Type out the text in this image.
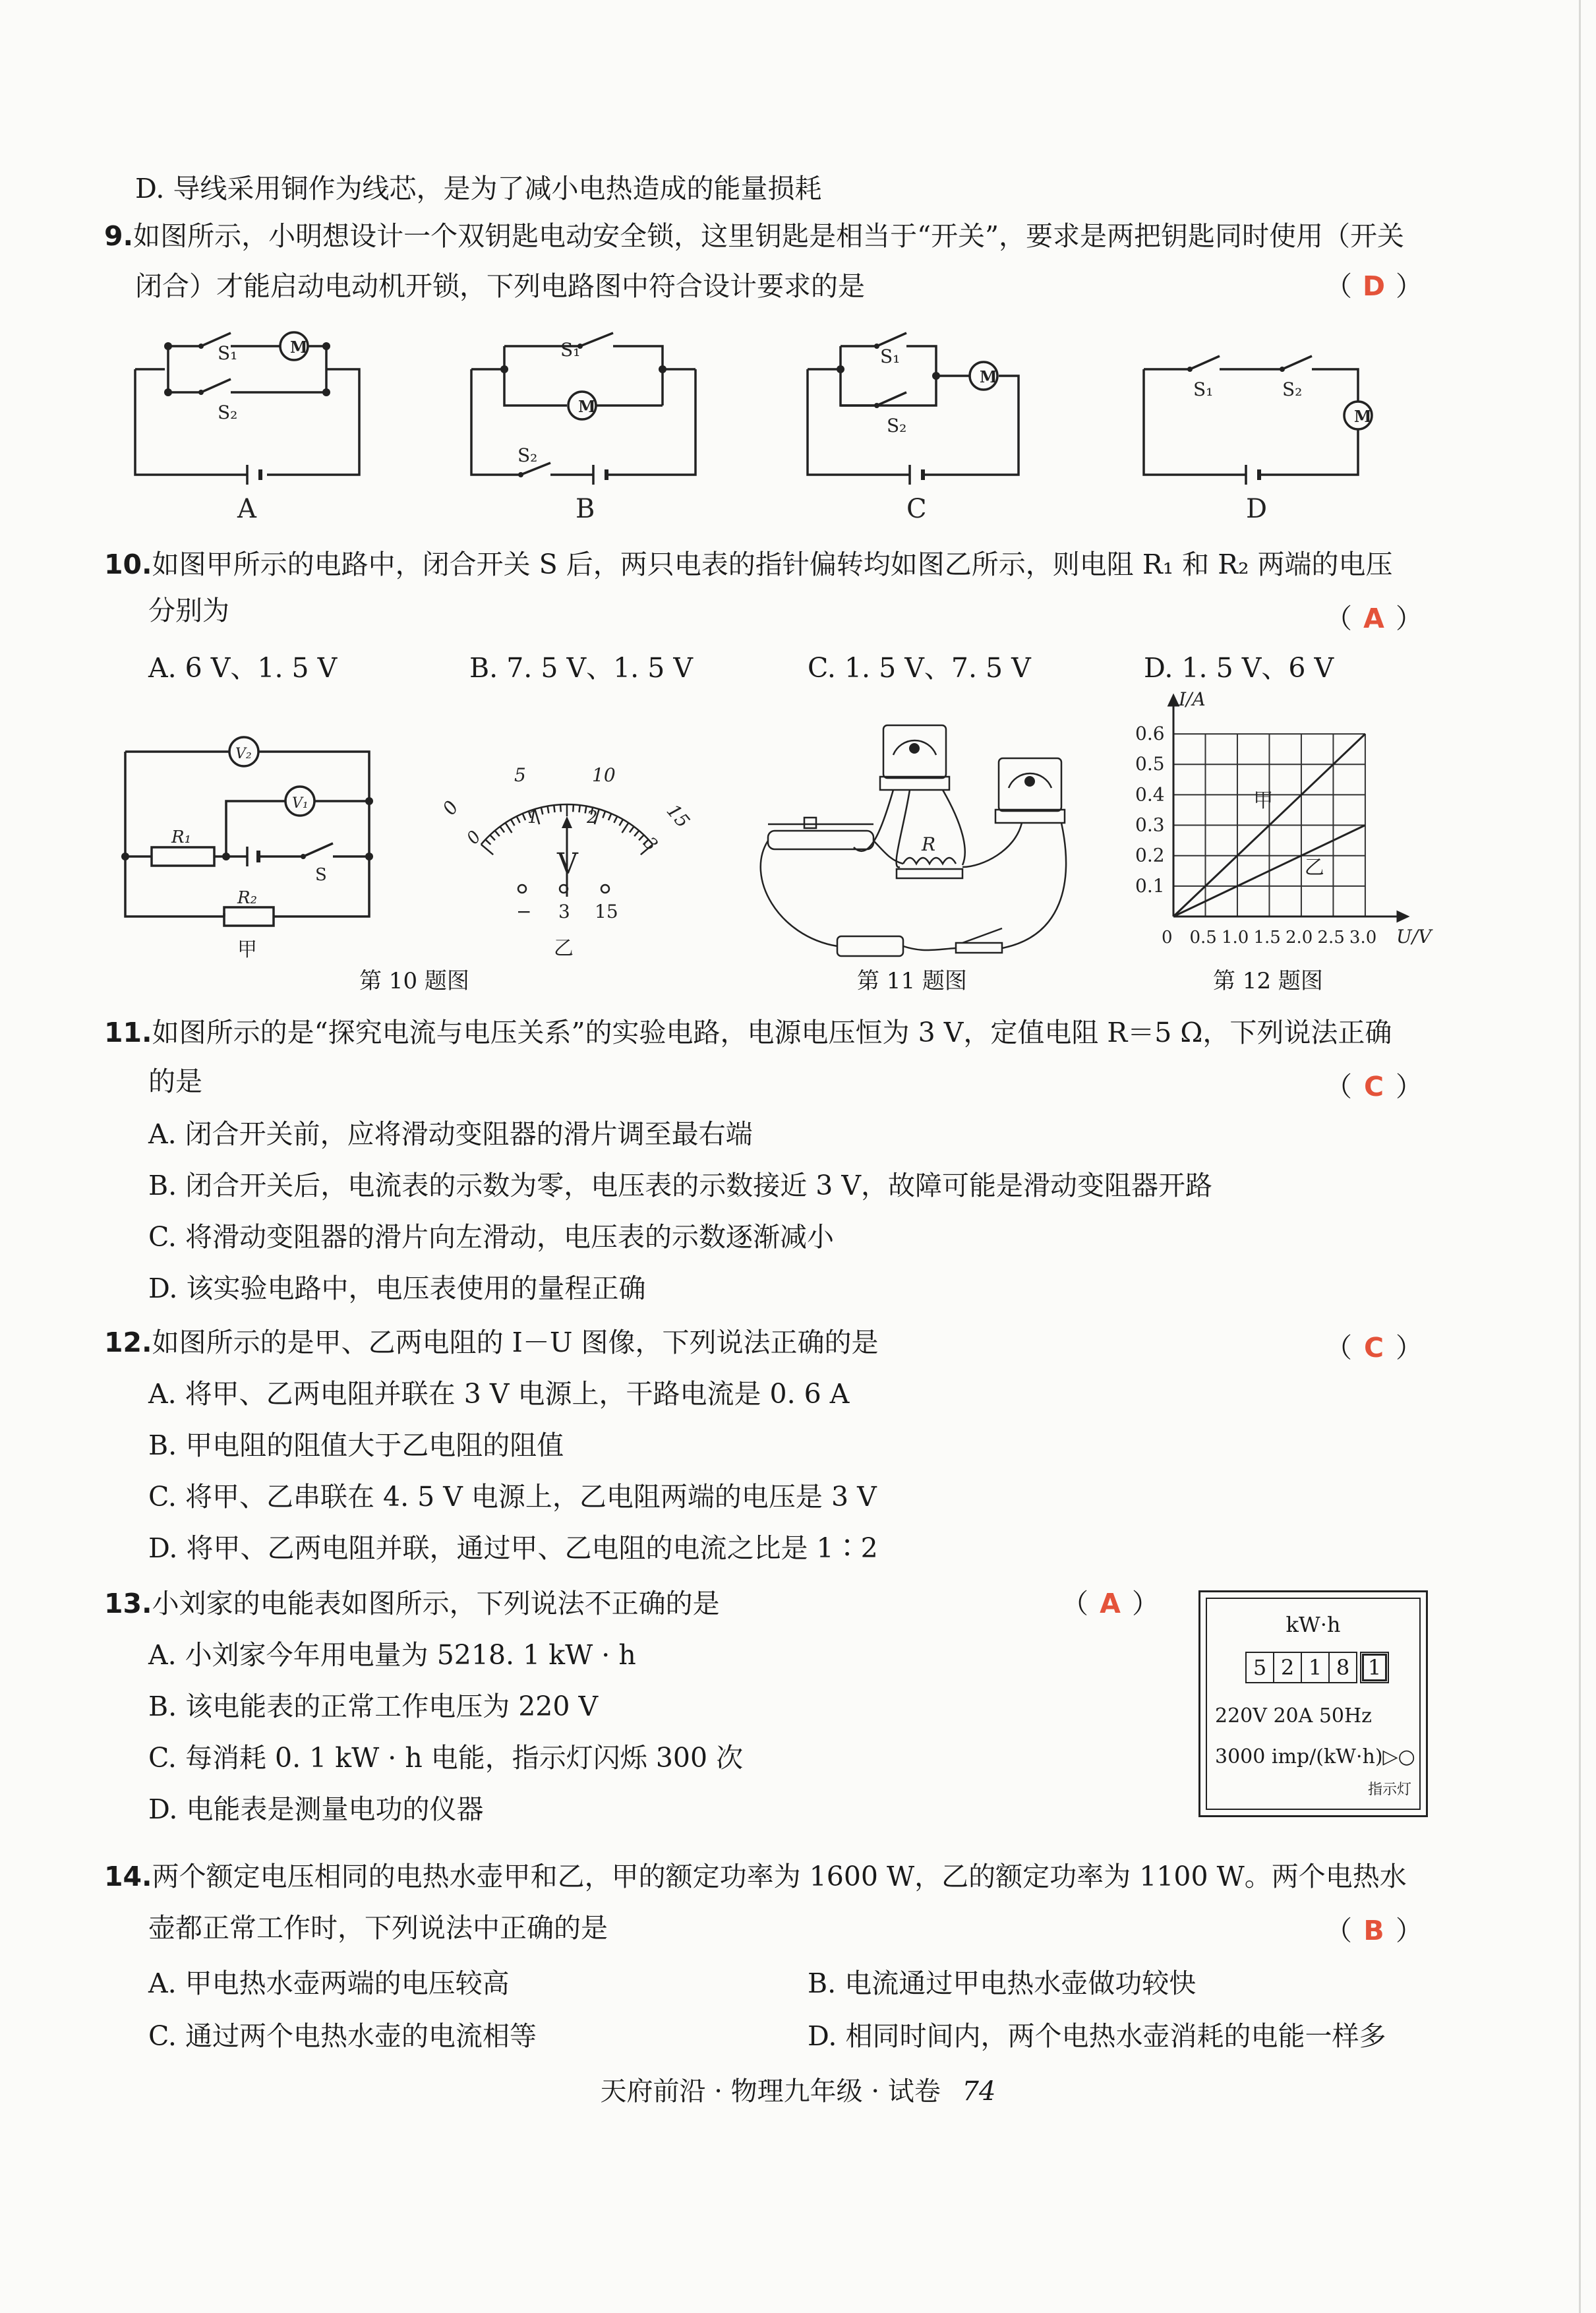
D. 导线采用铜作为线芯，是为了减小电热造成的能量损耗
9.如图所示，小明想设计一个双钥匙电动安全锁，这里钥匙是相当于“开关”，要求是两把钥匙同时使用（开关
闭合）才能启动电动机开锁，下列电路图中符合设计要求的是	（ D ）
M
M
M
M
S₁
S₂
S₁
S₂
S₁
S₂
S₁	S₂
A	B	C	D
10.如图甲所示的电路中，闭合开关 S 后，两只电表的指针偏转均如图乙所示，则电阻 R₁ 和 R₂ 两端的电压
分别为	（ A ）
A. 6 V、1. 5 V	B. 7. 5 V、1. 5 V	C. 1. 5 V、7. 5 V	D. 1. 5 V、6 V
V₂
V₁
R₁
R₂
S
甲
0
5	10
15
0
1	2
3
V
− 3 15
乙
R
0 0.5 1.0 1.5 2.0 2.5 3.0
0.1
0.2
0.3
0.4
0.5
0.6
U/V
I/A
甲
乙
第 10 题图	第 11 题图	第 12 题图
11.如图所示的是“探究电流与电压关系”的实验电路，电源电压恒为 3 V，定值电阻 R＝5 Ω，下列说法正确
的是	（ C ）
A. 闭合开关前，应将滑动变阻器的滑片调至最右端
B. 闭合开关后，电流表的示数为零，电压表的示数接近 3 V，故障可能是滑动变阻器开路
C. 将滑动变阻器的滑片向左滑动，电压表的示数逐渐减小
D. 该实验电路中，电压表使用的量程正确
12.如图所示的是甲、乙两电阻的 I－U 图像，下列说法正确的是	（ C ）
A. 将甲、乙两电阻并联在 3 V 电源上，干路电流是 0. 6 A
B. 甲电阻的阻值大于乙电阻的阻值
C. 将甲、乙串联在 4. 5 V 电源上，乙电阻两端的电压是 3 V
D. 将甲、乙两电阻并联，通过甲、乙电阻的电流之比是 1∶2
13.小刘家的电能表如图所示，下列说法不正确的是	（ A ）
A. 小刘家今年用电量为 5218. 1 kW · h
B. 该电能表的正常工作电压为 220 V
C. 每消耗 0. 1 kW · h 电能，指示灯闪烁 300 次
D. 电能表是测量电功的仪器
kW·h
5 2 1 8 1
220V 20A 50Hz
3000 imp/(kW·h)▷○
指示灯
14.两个额定电压相同的电热水壶甲和乙，甲的额定功率为 1600 W，乙的额定功率为 1100 W。两个电热水
壶都正常工作时，下列说法中正确的是	（ B ）
A. 甲电热水壶两端的电压较高	B. 电流通过甲电热水壶做功较快
C. 通过两个电热水壶的电流相等	D. 相同时间内，两个电热水壶消耗的电能一样多
天府前沿 · 物理九年级 · 试卷 74
